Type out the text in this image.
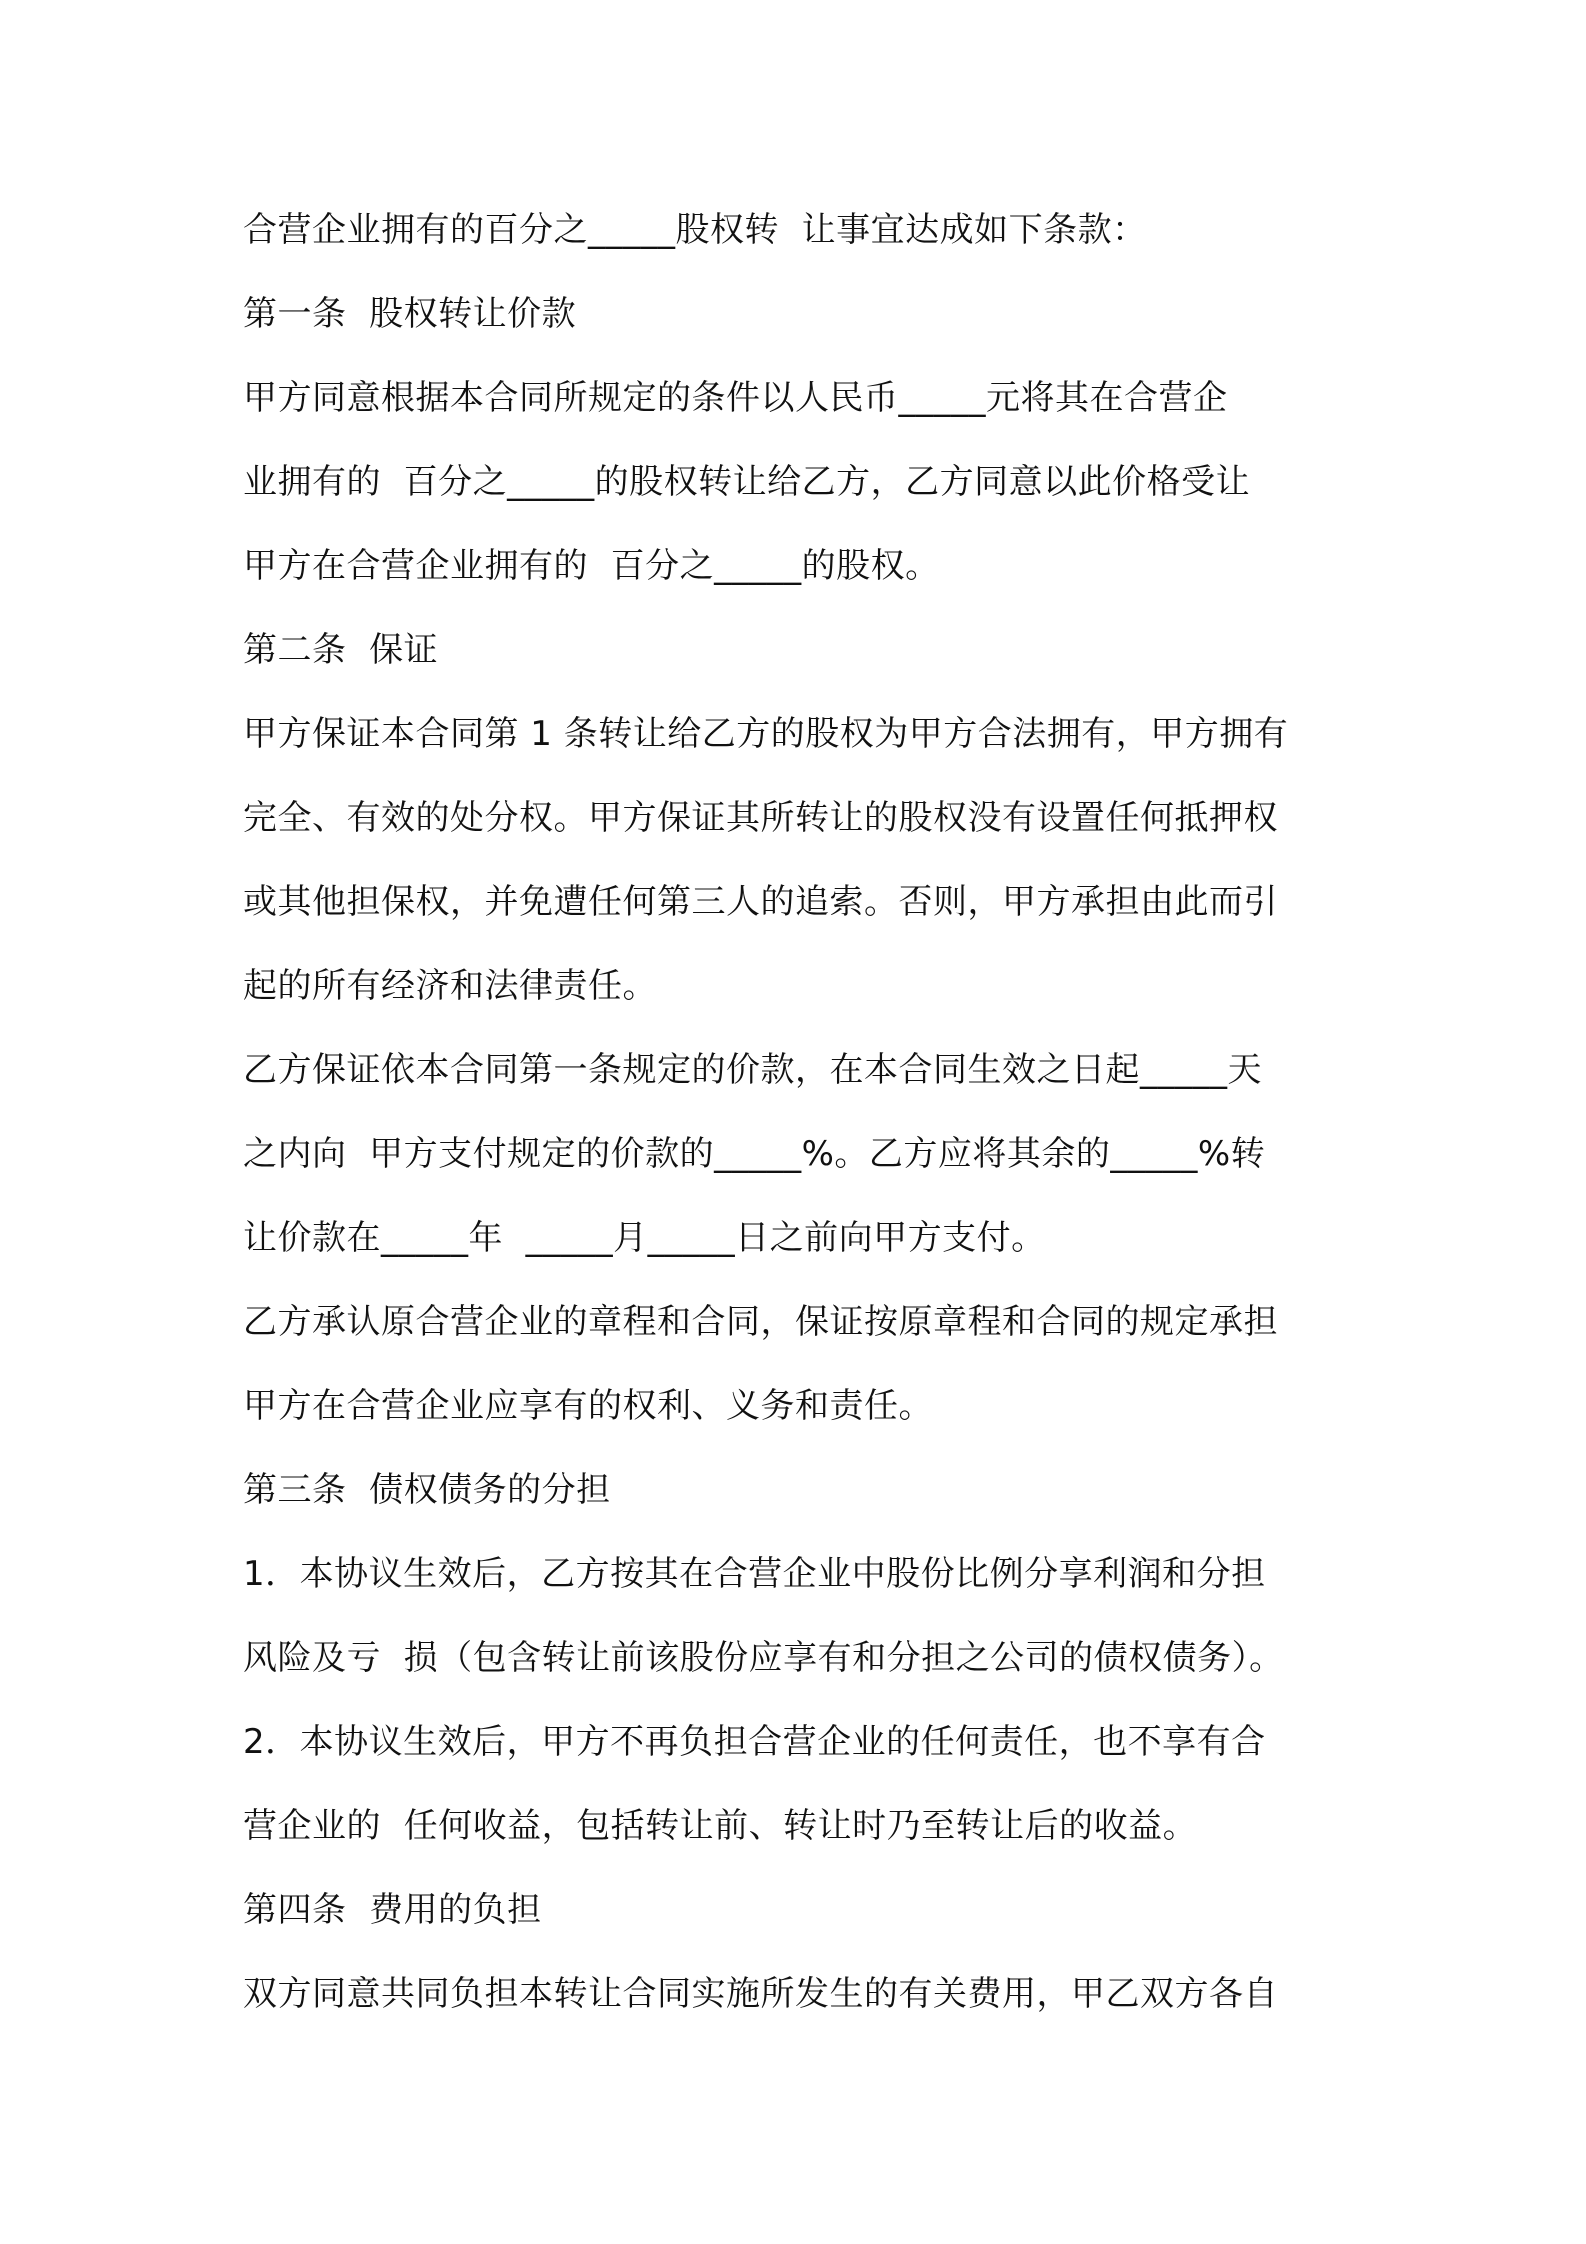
合营企业拥有的百分之_____股权转  让事宜达成如下条款：
第一条  股权转让价款
甲方同意根据本合同所规定的条件以人民币_____元将其在合营企
业拥有的  百分之_____的股权转让给乙方，乙方同意以此价格受让
甲方在合营企业拥有的  百分之_____的股权。
第二条  保证
甲方保证本合同第 1 条转让给乙方的股权为甲方合法拥有，甲方拥有
完全、有效的处分权。甲方保证其所转让的股权没有设置任何抵押权
或其他担保权，并免遭任何第三人的追索。否则，甲方承担由此而引
起的所有经济和法律责任。
乙方保证依本合同第一条规定的价款，在本合同生效之日起_____天
之内向  甲方支付规定的价款的_____%。乙方应将其余的_____%转
让价款在_____年  _____月_____日之前向甲方支付。
乙方承认原合营企业的章程和合同，保证按原章程和合同的规定承担
甲方在合营企业应享有的权利、义务和责任。
第三条  债权债务的分担
1．本协议生效后，乙方按其在合营企业中股份比例分享利润和分担
风险及亏  损（包含转让前该股份应享有和分担之公司的债权债务）。
2．本协议生效后，甲方不再负担合营企业的任何责任，也不享有合
营企业的  任何收益，包括转让前、转让时乃至转让后的收益。
第四条  费用的负担
双方同意共同负担本转让合同实施所发生的有关费用，甲乙双方各自
